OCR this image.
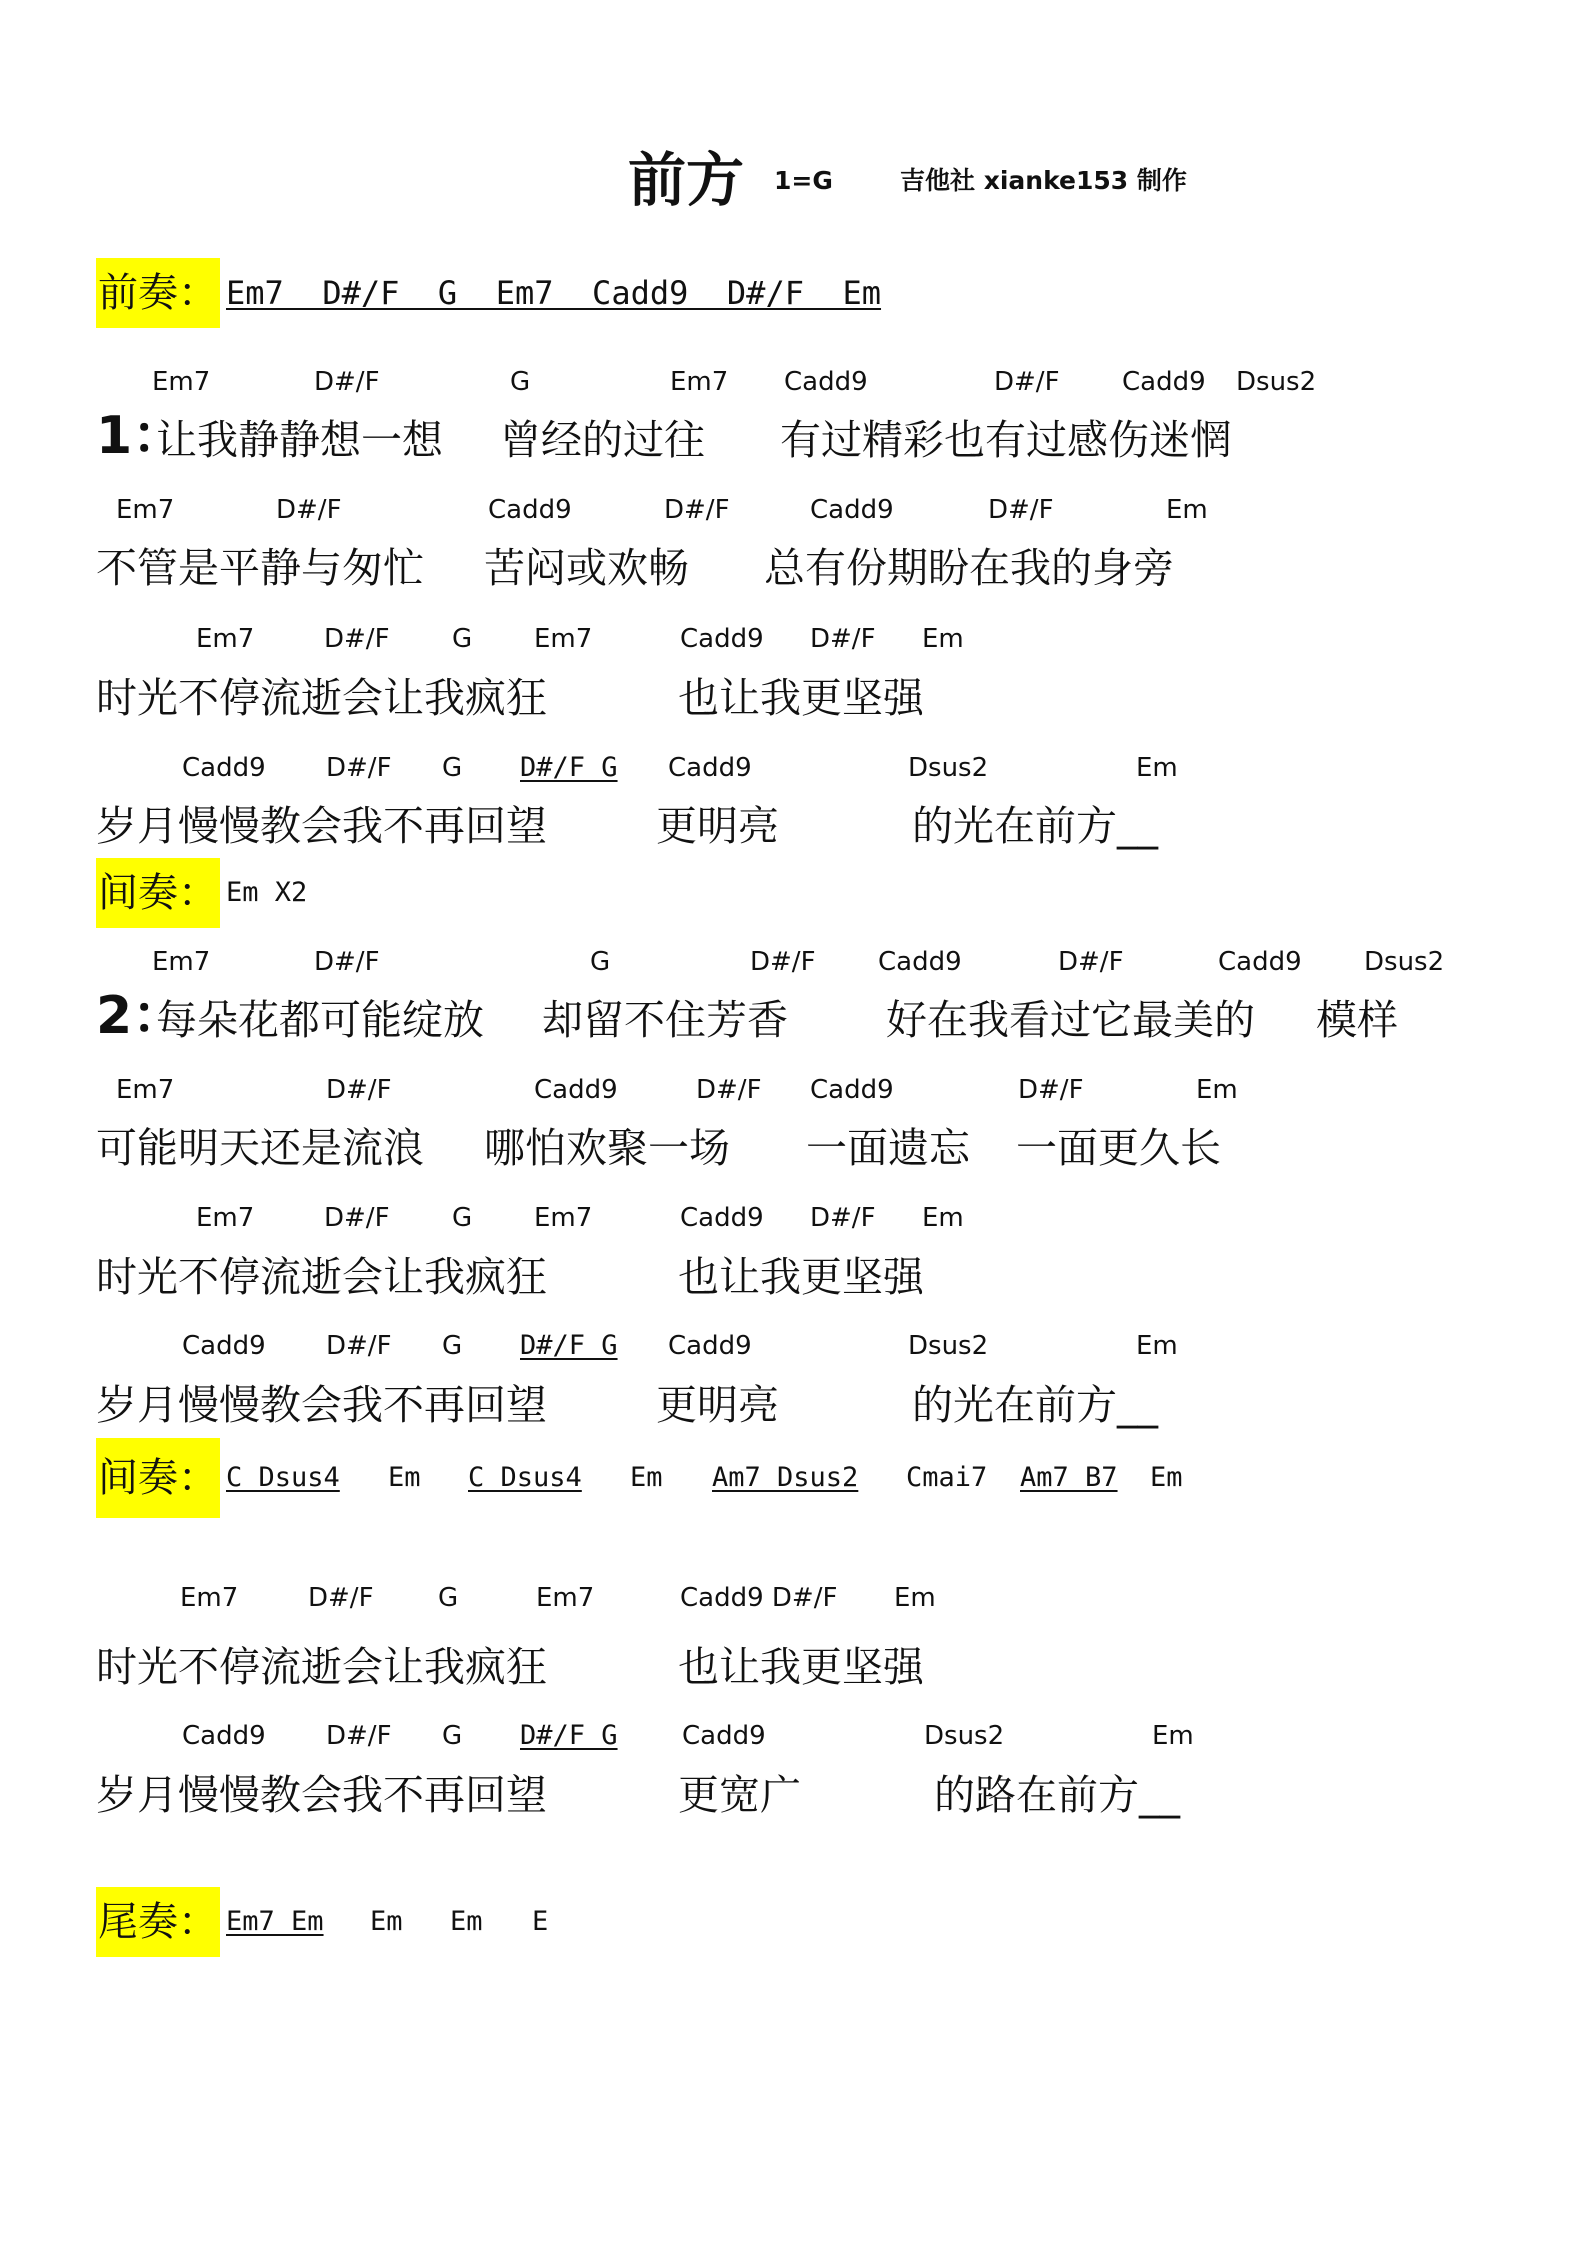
前方 1=G	吉他社 xianke153 制作
前奏： Em7  D#/F  G  Em7  Cadd9  D#/F  Em
Em7	D#/F	G	Em7 Cadd9	D#/F Cadd9 Dsus2
1：
让我静静想一想 曾经的过往 有过精彩也有过感伤迷惘
Em7	D#/F	Cadd9	D#/F	Cadd9	D#/F	Em
不管是平静与匆忙 苦闷或欢畅 总有份期盼在我的身旁
Em7	D#/F G Em7	Cadd9 D#/F Em
时光不停流逝会让我疯狂	也让我更坚强
Cadd9 D#/F G D#/F G Cadd9	Dsus2	Em
岁月慢慢教会我不再回望	更明亮	的光在前方__
间奏： Em X2
Em7	D#/F	G	D#/F Cadd9	D#/F	Cadd9 Dsus2
2：
每朵花都可能绽放 却留不住芳香 好在我看过它最美的 模样
Em7	D#/F	Cadd9	D#/F Cadd9	D#/F	Em
可能明天还是流浪 哪怕欢聚一场 一面遗忘 一面更久长
Em7	D#/F G Em7	Cadd9 D#/F Em
时光不停流逝会让我疯狂	也让我更坚强
Cadd9 D#/F G D#/F G Cadd9	Dsus2	Em
岁月慢慢教会我不再回望	更明亮	的光在前方__
间奏： C Dsus4 Em C Dsus4 Em Am7 Dsus2 Cmai7 Am7 B7 Em
Em7	D#/F G	Em7	Cadd9 D#/F Em
时光不停流逝会让我疯狂	也让我更坚强
Cadd9 D#/F G D#/F G Cadd9	Dsus2	Em
岁月慢慢教会我不再回望	更宽广	的路在前方__
尾奏： Em7 Em Em Em E
